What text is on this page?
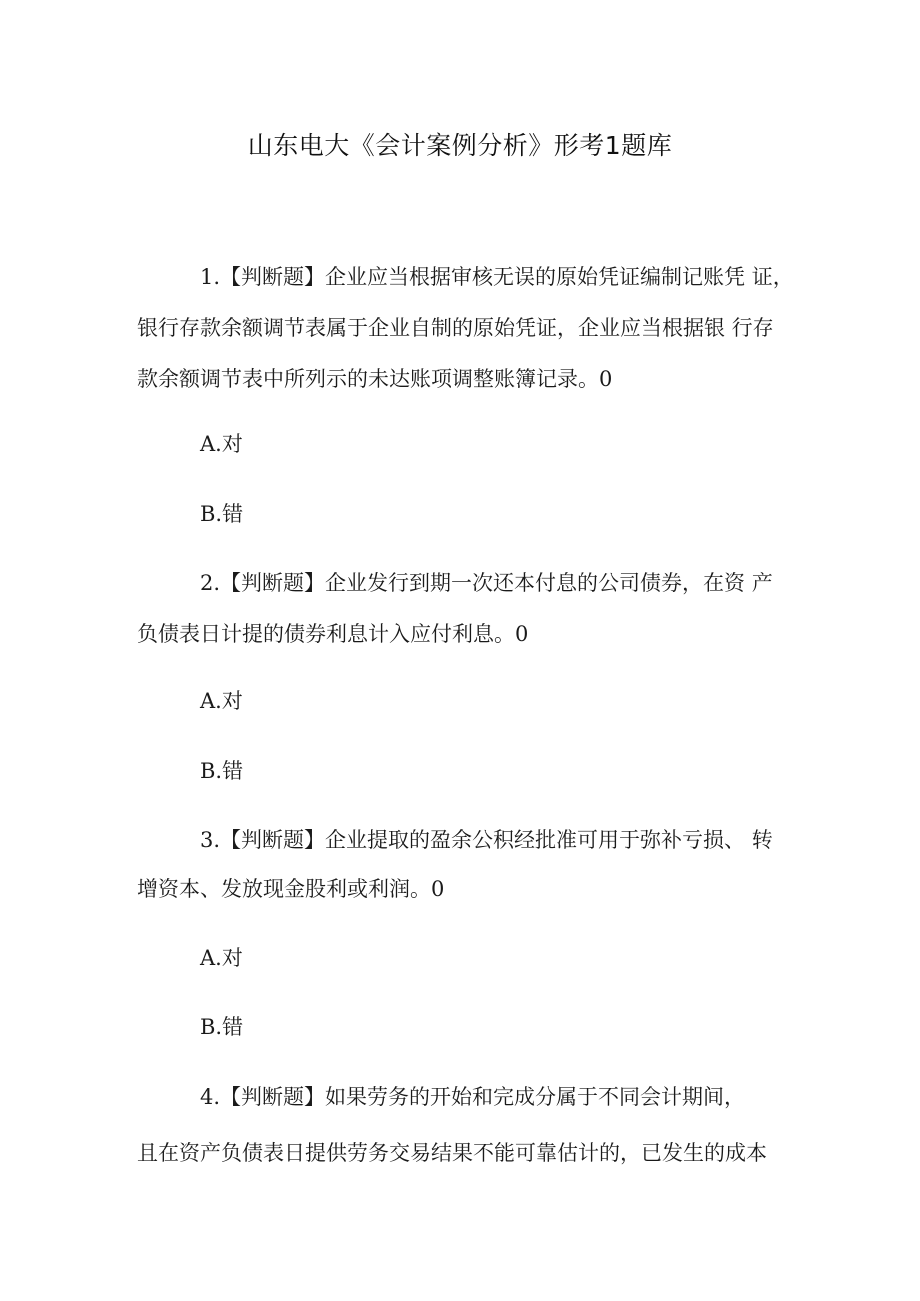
山东电大《会计案例分析》形考1题库
1.【判断题】企业应当根据审核无误的原始凭证编制记账凭 证，
银行存款余额调节表属于企业自制的原始凭证，企业应当根据银 行存
款余额调节表中所列示的未达账项调整账簿记录。0
A.对
B.错
2.【判断题】企业发行到期一次还本付息的公司债券，在资 产
负债表日计提的债券利息计入应付利息。0
A.对
B.错
3.【判断题】企业提取的盈余公积经批准可用于弥补亏损、 转
增资本、发放现金股利或利润。0
A.对
B.错
4.【判断题】如果劳务的开始和完成分属于不同会计期间，
且在资产负债表日提供劳务交易结果不能可靠估计的，已发生的成本
